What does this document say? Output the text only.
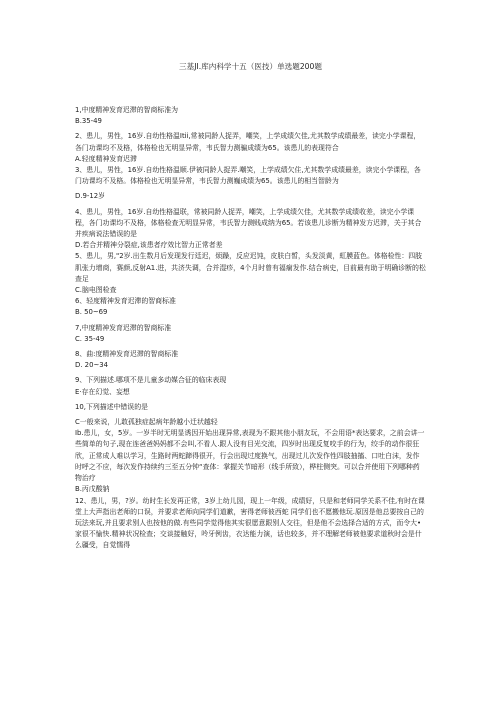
三基JI.库内科学十五（医技）单选题200题

1,中度精神发育迟滞的智商标准为

B.35-49

2、患儿，男性，16岁.自幼性格温Itii,常被同龄人捉弄，嘲笑，上学成绩欠佳,尤其数学成绩最差，读完小学课程，各门功课均不及格，体格检也无明显异常，韦氏智力测骗成绩为65。该患儿的表现符合

A.轻度精神发育迟滞

3、患儿，男性，16岁.自幼性格温顺.伊被同龄人捉弄.嘲笑，上学成绩欠住,尤其数学成绩最差，读完小学课程，各门功课均不及格。体格检也无明显异常，韦氏智力测巍成绩为65。该患儿的相当智龄为

D.9-12岁

4、患儿，男性，16岁.自幼性格温联，常被同龄人捉弄，嘲笑，上学成绩欠佳，尤其数学成绩收差，读完小学课程，各门功课均不及格，体格检查无明显异常，韦氏智力测贱成纳为65。若该患儿诊断为精神发方迟滞，关于其合并疾病说法错误的是

D.若合并精神分裂症,该患者疗效比智力正常者差

5、患儿，男,"2岁.出生数月后发现发行廷迟，烦躁，反应迟饨，皮肤白皙，头发淡黄，虹膜蓝色。体格检性：四肢肌张力增商，赛颜,反射A1.进，共济失调，合并湿疹，4个月时曾有福痫发作.结合病史，目前最有助于明确诊断的松查足

C.脑电图检查

6、轻度精神发育迟滞的智商标准

B. 50~69

7,中度精神发育迟滞的智商标准

C. 35-49

8、曲:度精神发育迟滞的智商标准

D. 20~34

9、下列描述.哪项不是儿童多动媒合征的临床表现

E·存在幻觉、妄想

10,下列描述中错误的是

C一般来说，儿敢孤独症起病年龄越小迁状越轻

Ib.患儿，女，5岁。一岁半时无明显诱因开始出现异常,表现为不跟其他小朋友玩，不会用语*表达要求，之前会讲一些简单的句子,现在连爸爸妈妈都不会叫,不看人.跟人没有目光交流，四岁时出现反复咬手的行为，绞手的动作很狂欣，正常成人难以学习，生路时两蛇蹄得很开，行会出现过度换气，出现过儿次发作性四肢抽搐、口吐白沫，发作时呼之不应，每次发作持续约三至五分钟“查体：掌握关节暗形（线手所致），桦柱侧突。可以合并使用下列哪种药物治疗

B.丙戊酸钠

12、患儿，男，?岁。幼时生长发再正常，3岁上幼儿园，现上一年级，成绩好，只是和老师同学关系不佳,有时在课堂上大声指出老师的口误，并要求老师向同学们道歉，害得老师彼西蛇 同学们也不愿搬他玩.原因是他总要按自己的玩法来玩,并且要求别人也按他的做.有些同学觉得他其实很愿意跟别人交往，但是他不会选择合适的方式，而令大•家很不愉快.精神状况检查；交谈接触好，呤牙例齿，衣达能力演，话也较多，并不理解老师被他要求道秋时会是什么疆受，自觉懦得
